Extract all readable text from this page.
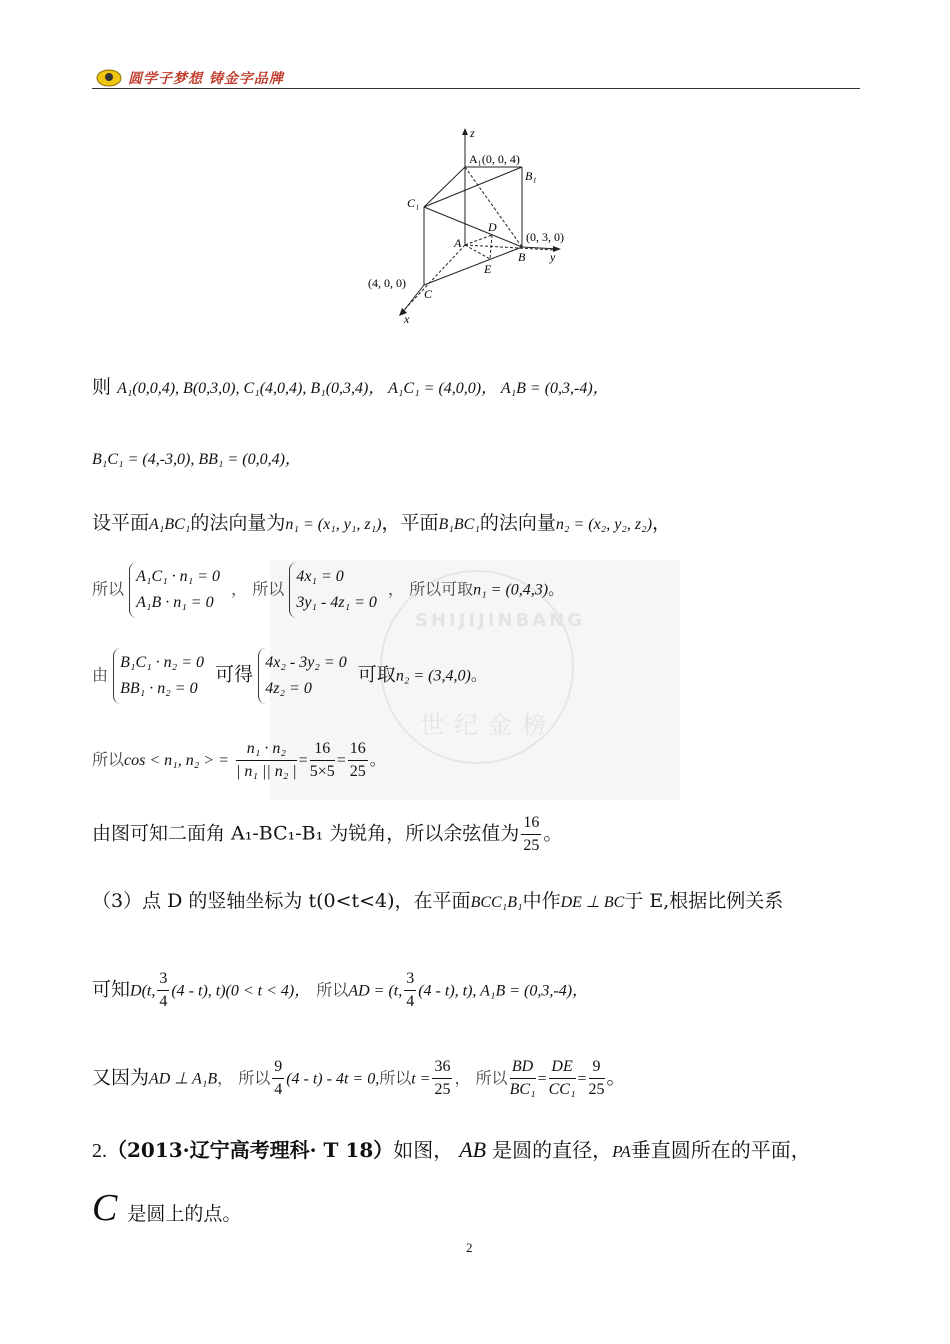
圆学子梦想 铸金字品牌
z
y
x
A₁(0, 0, 4)
B₁
C₁
A
B
C
D
E
(0, 3, 0)
(4, 0, 0)
SHIJIJINBANG
世纪金榜
则 A₁(0,0,4), B(0,3,0), C₁(4,0,4), B₁(0,3,4)， A₁C₁ = (4,0,0)， A₁B = (0,3,-4)，
B₁C₁ = (4,-3,0), BB₁ = (0,0,4)，
设平面A₁BC₁的法向量为n₁ = (x₁, y₁, z₁)，平面B₁BC₁的法向量n₂ = (x₂, y₂, z₂)，
所以 A₁C₁ · n₁ = 0
A₁B · n₁ = 0 ， 所以 4x₁ = 0
3y₁ - 4z₁ = 0 ， 所以可取n₁ = (0,4,3)。
由 B₁C₁ · n₂ = 0
BB₁ · n₂ = 0 可得 4x₂ - 3y₂ = 0
4z₂ = 0 可取n₂ = (3,4,0)。
所以cos < n₁, n₂ > = $\frac{\text{n₁ · n₂}}{\text{| n₁ || n₂ |}} = \frac{16}{5\times 5} = \frac{16}{25}$ 。
由图可知二面角 A₁-BC₁-B₁ 为锐角，所以余弦值为 $\frac{16}{25}$ 。
（3）点 D 的竖轴坐标为 t(0<t<4)，在平面BCC₁B₁中作DE ⊥ BC于 E,根据比例关系
可知D(t, $\frac{3}{4} (4 - t)$, t)(0 < t < 4)， 所以AD = (t, $\frac{3}{4} (4 - t)$, t), A₁B = (0,3,-4)，
又因为AD ⊥ A₁B， 所以 $\frac{9}{4} (4 - t) - 4t = 0$,所以$t = \frac{36}{25}$ ， 所以 $\frac{BD}{\text{BC₁}} = \frac{DE}{\text{CC₁}} = \frac{9}{25}$ 。
2.（2013·辽宁高考理科· T 18）如图， AB 是圆的直径，PA垂直圆所在的平面，
C是圆上的点。
2
